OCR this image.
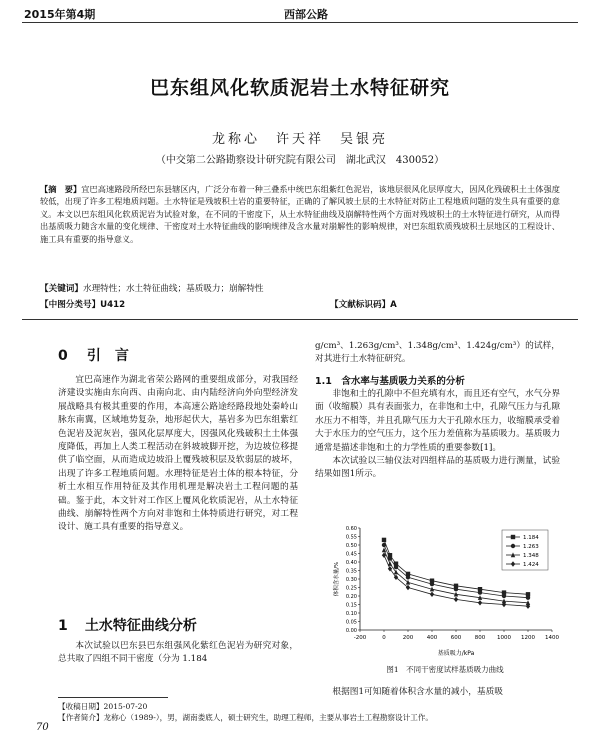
2015年第4期	西部公路
巴东组风化软质泥岩土水特征研究
龙称心　许天祥　吴银亮
（中交第二公路勘察设计研究院有限公司　湖北武汉　430052）
【摘　要】宜巴高速路段所经巴东县辖区内，广泛分布着一种三叠系中统巴东组紫红色泥岩，该地层很风化层厚度大，因风化残破积土土体强度较低，出现了许多工程地质问题。土水特征是残坡积土岩的重要特征，正确的了解风坡土层的土水特征对防止工程地质问题的发生具有重要的意义。本文以巴东组风化软质泥岩为试验对象，在不同的干密度下，从土水特征曲线及崩解特性两个方面对残坡积土的土水特征进行研究，从而得出基质吸力随含水量的变化规律、干密度对土水特征曲线的影响规律及含水量对崩解性的影响规律，对巴东组软质残坡积土层地区的工程设计、施工具有重要的指导意义。
【关键词】水理特性；水土特征曲线；基质吸力；崩解特性
【中图分类号】U412	【文献标识码】A
0 引　言

宜巴高速作为湖北省荣公路网的重要组成部分，对我国经济建设实施由东向西、由南向北、由内陆经济向外向型经济发展战略具有极其重要的作用，本高速公路途经路段地处秦岭山脉东南翼，区域地势复杂，地形起伏大，基岩多为巴东组紫红色泥岩及泥灰岩，强风化层厚度大，因强风化残破积土土体强度降低，再加上人类工程活动在斜坡坡脚开挖，为边坡位移提供了临空面，从而造成边坡沿上覆残坡积层及软弱层的坡坏，出现了许多工程地质问题。水理特征是岩土体的根本特征，分析土水相互作用特征及其作用机理是解决岩土工程问题的基础。鉴于此，本文针对工作区上覆风化软质泥岩，从土水特征曲线、崩解特性两个方向对非饱和土体特质进行研究，对工程设计、施工具有重要的指导意义。

1 土水特征曲线分析

本次试验以巴东县巴东组强风化紫红色泥岩为研究对象，总共取了四组不同干密度（分为 1.184

g/cm³、1.263g/cm³、1.348g/cm³、1.424g/cm³）的试样，对其进行土水特征研究。

1.1　含水率与基质吸力关系的分析

非饱和土的孔隙中不但充填有水，而且还有空气，水气分界面（收缩膜）具有表面张力，在非饱和土中，孔隙气压力与孔隙水压力不相等，并且孔隙气压力大于孔隙水压力，收缩膜承受着大于水压力的空气压力，这个压力差值称为基质吸力。基质吸力通常是描述非饱和土的力学性质的重要参数[1]。

本次试验以三轴仪法对四组样品的基质吸力进行测量，试验结果如图1所示。

0.00
0.05
0.10
0.15
0.20
0.25
0.30
0.35
0.40
0.45
0.50
0.55
0.60
-200	0	200 400 600 800 1000 1200 1400
1.184
1.263
1.348
1.424
体积含水量/%
基质吸力/kPa
图1　不同干密度试样基质吸力曲线

根据图1可知随着体积含水量的减小，基质吸

【收稿日期】2015-07-20
【作者简介】龙称心（1989-），男，湖南娄底人，硕士研究生，助理工程师，主要从事岩土工程勘察设计工作。
70
